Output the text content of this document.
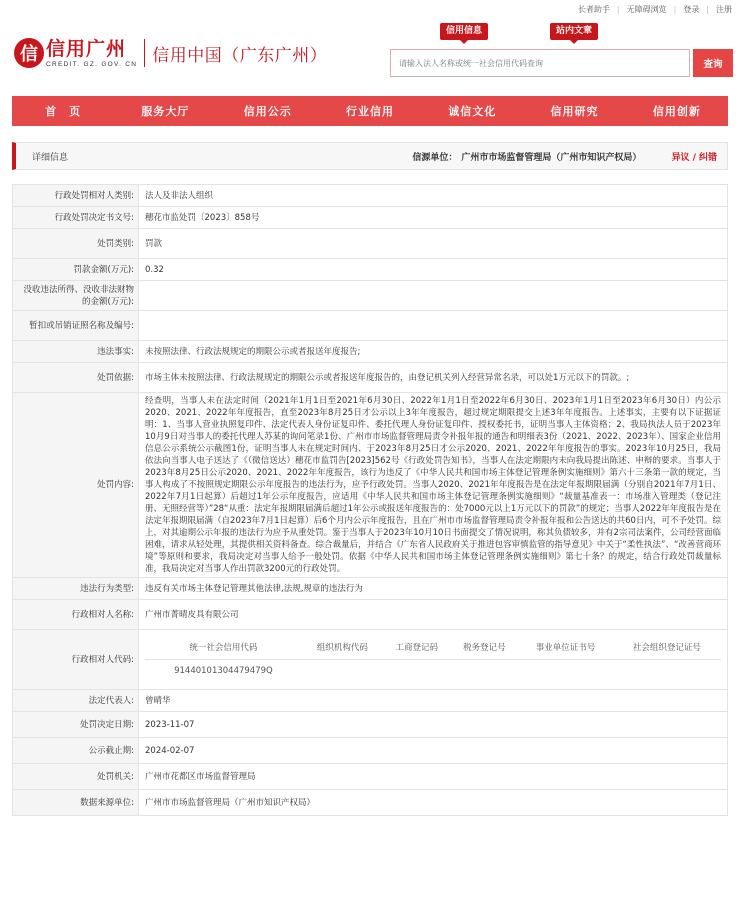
长者助手 | 无障碍浏览 | 登录 | 注册
信 信用广州
CREDIT. GZ. GOV. CN 信用中国（广东广州）
信用信息	站内文章
请输入法人名称或统一社会信用代码查询
查询
首　页	服务大厅	信用公示	行业信用	诚信文化	信用研究	信用创新
详细信息	信源单位： 广州市市场监督管理局（广州市知识产权局）	异议 / 纠错
行政处罚相对人类别:	法人及非法人组织
行政处罚决定书文号:	穗花市监处罚〔2023〕858号
处罚类别:	罚款
罚款金额(万元):	0.32
没收违法所得、没收非法财物的金额(万元):	
暂扣或吊销证照名称及编号:	
违法事实:	未按照法律、行政法规规定的期限公示或者报送年度报告;
处罚依据:	市场主体未按照法律、行政法规规定的期限公示或者报送年度报告的，由登记机关列入经营异常名录，可以处1万元以下的罚款。;
处罚内容:	经查明，当事人未在法定时间（2021年1月1日至2021年6月30日、2022年1月1日至2022年6月30日、2023年1月1日至2023年6月30日）内公示2020、2021、2022年年度报告，直至2023年8月25日才公示以上3年年度报告，超过规定期限提交上述3年年度报告。上述事实，主要有以下证据证明：1、当事人营业执照复印件、法定代表人身份证复印件、委托代理人身份证复印件、授权委托书，证明当事人主体资格；2、我局执法人员于2023年10月9日对当事人的委托代理人苏某的询问笔录1份、广州市市场监督管理局责令补报年报的通告和明细表3份（2021、2022、2023年）、国家企业信用信息公示系统公示截图1份，证明当事人未在规定时间内、于2023年8月25日才公示2020、2021、2022年年度报告的事实。2023年10月25日，我局依法向当事人电子送达了《（微信送达）穗花市监罚告[2023]562号《行政处罚告知书》，当事人在法定期限内未向我局提出陈述、申辩的要求。当事人于2023年8月25日公示2020、2021、2022年年度报告，该行为违反了《中华人民共和国市场主体登记管理条例实施细则》第六十三条第一款的规定，当事人构成了不按照规定期限公示年度报告的违法行为，应予行政处罚。当事人2020、2021年年度报告是在法定年报期限届满（分别自2021年7月1日、2022年7月1日起算）后超过1年公示年度报告，应适用《中华人民共和国市场主体登记管理条例实施细则》“裁量基准表一：市场准入管理类（登记注册、无照经营等）”28“从重：法定年报期限届满后超过1年公示或报送年度报告的：处7000元以上1万元以下的罚款”的规定；当事人2022年年度报告是在法定年报期限届满（自2023年7月1日起算）后6个月内公示年度报告，且在广州市市场监督管理局责令补报年报和公告送达的共60日内，可不予处罚。综上，对其逾期公示年报的违法行为应予从重处罚。鉴于当事人于2023年10月10日书面提交了情况说明，称其负债较多，并有2宗司法案件，公司经营面临困难，请求从轻处理，其提供相关资料备查。综合裁量后，并结合《广东省人民政府关于推进包容审慎监管的指导意见》中关于“柔性执法”、“改善营商环境”等原则和要求，我局决定对当事人给予一般处罚。依据《中华人民共和国市场主体登记管理条例实施细则》第七十条？的规定，结合行政处罚裁量标准，我局决定对当事人作出罚款3200元的行政处罚。
违法行为类型:	违反有关市场主体登记管理其他法律,法规,规章的违法行为
行政相对人名称:	广州市菁晴皮具有限公司
行政相对人代码:	
统一社会信用代码	组织机构代码	工商登记码	税务登记号	事业单位证书号	社会组织登记证号
91440101304479479Q					

法定代表人:	曾晴华
处罚决定日期:	2023-11-07
公示截止期:	2024-02-07
处罚机关:	广州市花都区市场监督管理局
数据来源单位:	广州市市场监督管理局（广州市知识产权局）
